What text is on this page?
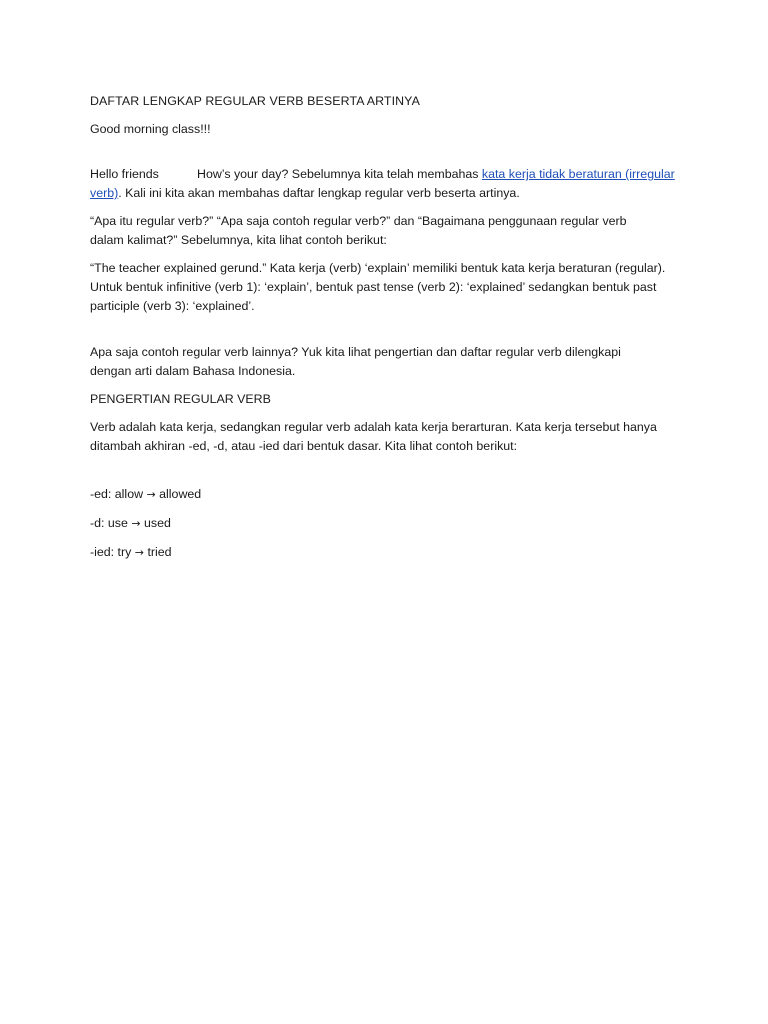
DAFTAR LENGKAP REGULAR VERB BESERTA ARTINYA

Good morning class!!!

Hello friends	How’s your day? Sebelumnya kita telah membahas kata kerja tidak beraturan (irregular verb). Kali ini kita akan membahas daftar lengkap regular verb beserta artinya.

“Apa itu regular verb?” “Apa saja contoh regular verb?” dan “Bagaimana penggunaan regular verb dalam kalimat?” Sebelumnya, kita lihat contoh berikut:

“The teacher explained gerund.” Kata kerja (verb) ‘explain’ memiliki bentuk kata kerja beraturan (regular). Untuk bentuk infinitive (verb 1): ‘explain’, bentuk past tense (verb 2): ‘explained’ sedangkan bentuk past participle (verb 3): ‘explained’.

Apa saja contoh regular verb lainnya? Yuk kita lihat pengertian dan daftar regular verb dilengkapi dengan arti dalam Bahasa Indonesia.

PENGERTIAN REGULAR VERB

Verb adalah kata kerja, sedangkan regular verb adalah kata kerja berarturan. Kata kerja tersebut hanya ditambah akhiran -ed, -d, atau -ied dari bentuk dasar. Kita lihat contoh berikut:

-ed: allow → allowed

-d: use → used

-ied: try → tried
